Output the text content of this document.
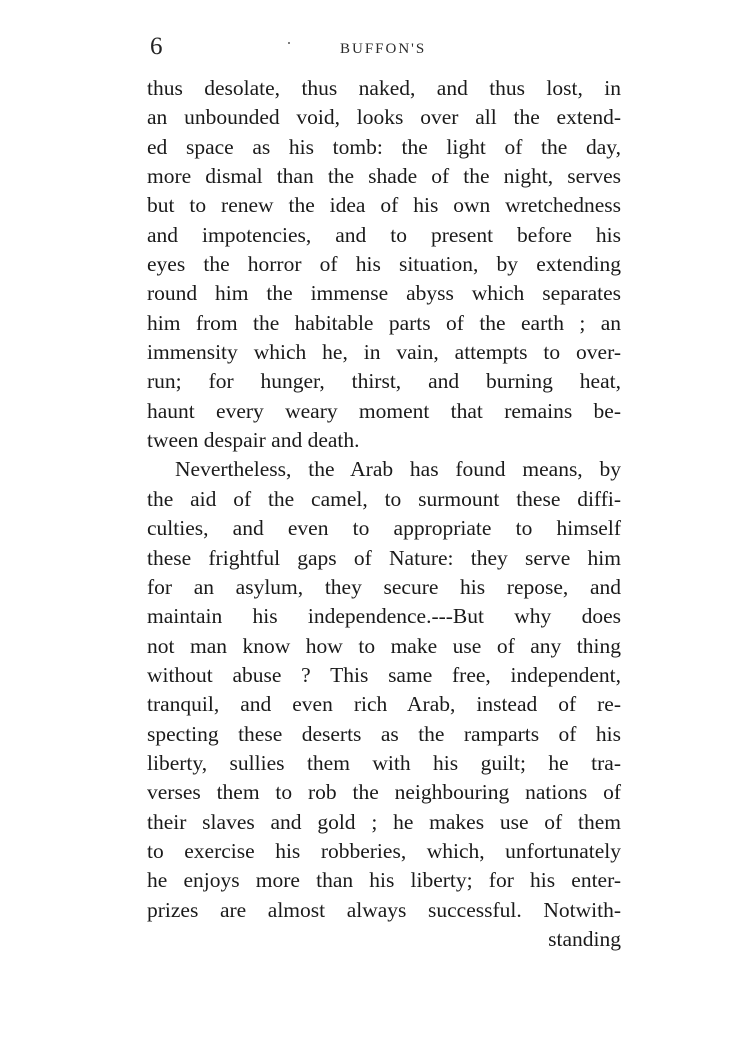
6	BUFFON'S
thus desolate, thus naked, and thus lost, in
an unbounded void, looks over all the extend-
ed space as his tomb: the light of the day,
more dismal than the shade of the night, serves
but to renew the idea of his own wretchedness
and impotencies, and to present before his
eyes the horror of his situation, by extending
round him the immense abyss which separates
him from the habitable parts of the earth ; an
immensity which he, in vain, attempts to over-
run; for hunger, thirst, and burning heat,
haunt every weary moment that remains be-
tween despair and death.
Nevertheless, the Arab has found means, by
the aid of the camel, to surmount these diffi-
culties, and even to appropriate to himself
these frightful gaps of Nature: they serve him
for an asylum, they secure his repose, and
maintain his independence.---But why does
not man know how to make use of any thing
without abuse ? This same free, independent,
tranquil, and even rich Arab, instead of re-
specting these deserts as the ramparts of his
liberty, sullies them with his guilt; he tra-
verses them to rob the neighbouring nations of
their slaves and gold ; he makes use of them
to exercise his robberies, which, unfortunately
he enjoys more than his liberty; for his enter-
prizes are almost always successful. Notwith-
standing
